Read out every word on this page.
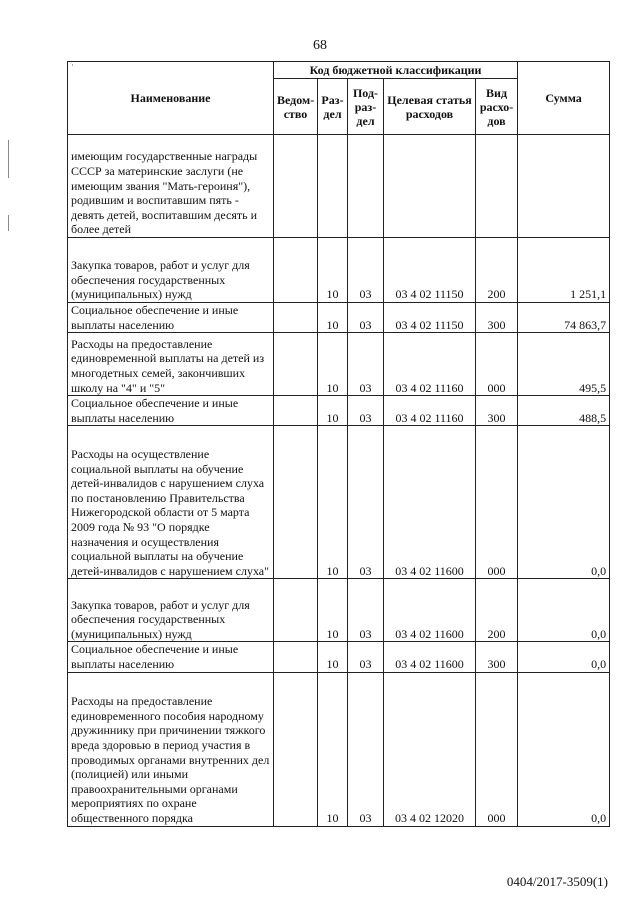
68
·
Наименование	Код бюджетной классификации					Сумма
	Ведом-ство	Раз-дел	Под-раз-дел	Целевая статья расходов	Вид расхо-дов	
имеющим государственные награды СССР за материнские заслуги (не имеющим звания "Мать-героиня"), родившим и воспитавшим пять - девять детей, воспитавшим десять и более детей						
Закупка товаров, работ и услуг для обеспечения государственных (муниципальных) нужд		10	03	03 4 02 11150	200	1 251,1
Социальное обеспечение и иные выплаты населению		10	03	03 4 02 11150	300	74 863,7
Расходы на предоставление единовременной выплаты на детей из многодетных семей, закончивших школу на "4" и "5"		10	03	03 4 02 11160	000	495,5
Социальное обеспечение и иные выплаты населению		10	03	03 4 02 11160	300	488,5
Расходы на осуществление социальной выплаты на обучение детей-инвалидов с нарушением слуха по постановлению Правительства Нижегородской области от 5 марта 2009 года № 93 "О порядке назначения и осуществления социальной выплаты на обучение детей-инвалидов с нарушением слуха"		10	03	03 4 02 11600	000	0,0
Закупка товаров, работ и услуг для обеспечения государственных (муниципальных) нужд		10	03	03 4 02 11600	200	0,0
Социальное обеспечение и иные выплаты населению		10	03	03 4 02 11600	300	0,0
Расходы на предоставление единовременного пособия народному дружиннику при причинении тяжкого вреда здоровью в период участия в проводимых органами внутренних дел (полицией) или иными правоохранительными органами мероприятиях по охране общественного порядка		10	03	03 4 02 12020	000	0,0
0404/2017-3509(1)
